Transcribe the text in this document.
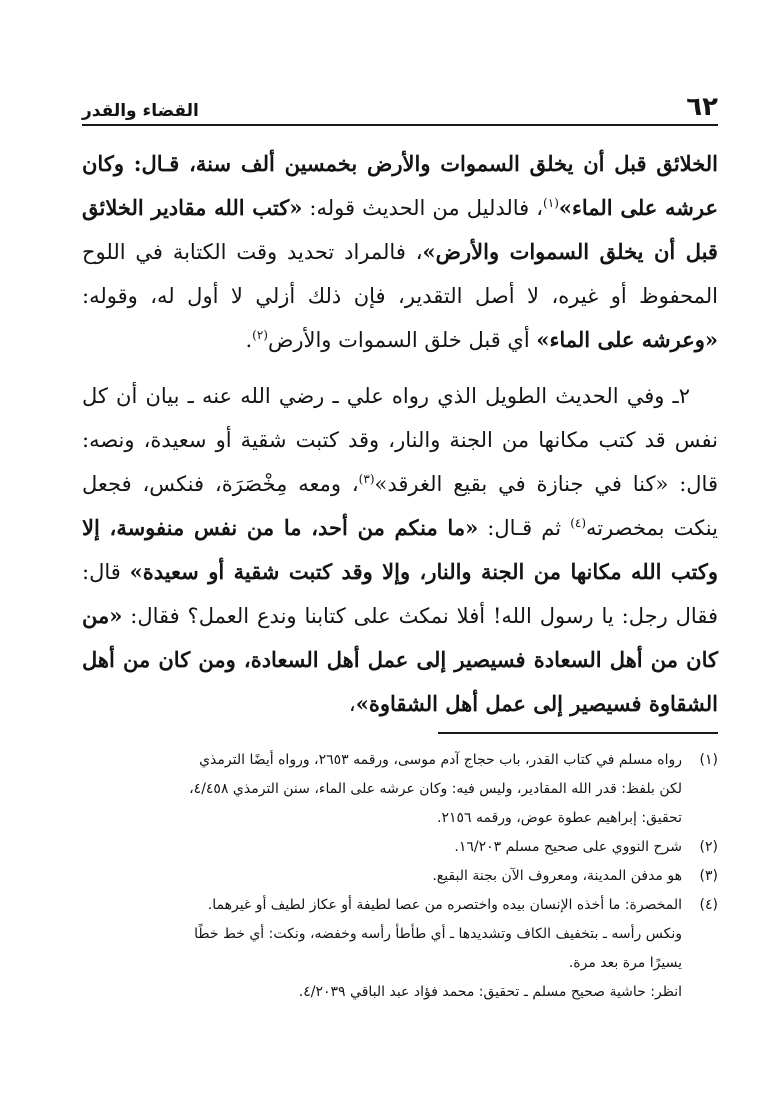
٦٢
القضاء والقدر

الخلائق قبل أن يخلق السموات والأرض بخمسين ألف سنة، قـال: وكان عرشه على الماء»$^{(١)}$، فالدليل من الحديث قوله: «كتب الله مقادير الخلائق قبل أن يخلق السموات والأرض»، فالمراد تحديد وقت الكتابة في اللوح المحفوظ أو غيره، لا أصل التقدير، فإن ذلك أزلي لا أول له، وقوله: «وعرشه على الماء» أي قبل خلق السموات والأرض$^{(٢)}$.

٢ـ وفي الحديث الطويل الذي رواه علي ـ رضي الله عنه ـ بيان أن كل نفس قد كتب مكانها من الجنة والنار، وقد كتبت شقية أو سعيدة، ونصه: قال: «كنا في جنازة في بقيع الغرقد»$^{(٣)}$، ومعه مِخْصَرَة، فنكس، فجعل ينكت بمخصرته$^{(٤)}$ ثم قـال: «ما منكم من أحد، ما من نفس منفوسة، إلا وكتب الله مكانها من الجنة والنار، وإلا وقد كتبت شقية أو سعيدة» قال: فقال رجل: يا رسول الله! أفلا نمكث على كتابنا وندع العمل؟ فقال: «من كان من أهل السعادة فسيصير إلى عمل أهل السعادة، ومن كان من أهل الشقاوة فسيصير إلى عمل أهل الشقاوة»،

(١)
رواه مسلم في كتاب القدر، باب حجاج آدم موسى، ورقمه ٢٦٥٣، ورواه أيضًا الترمذي
لكن بلفظ: قدر الله المقادير، وليس فيه: وكان عرشه على الماء، سنن الترمذي ٤/٤٥٨،
تحقيق: إبراهيم عطوة عوض، ورقمه ٢١٥٦.
(٢)
شرح النووي على صحيح مسلم ١٦/٢٠٣.
(٣)
هو مدفن المدينة، ومعروف الآن بجنة البقيع.
(٤)
المخصرة: ما أخذه الإنسان بيده واختصره من عصا لطيفة أو عكاز لطيف أو غيرهما.
ونكس رأسه ـ بتخفيف الكاف وتشديدها ـ أي طأطأ رأسه وخفضه، ونكت: أي خط خطًا
يسيرًا مرة بعد مرة.
انظر: حاشية صحيح مسلم ـ تحقيق: محمد فؤاد عبد الباقي ٤/٢٠٣٩.
